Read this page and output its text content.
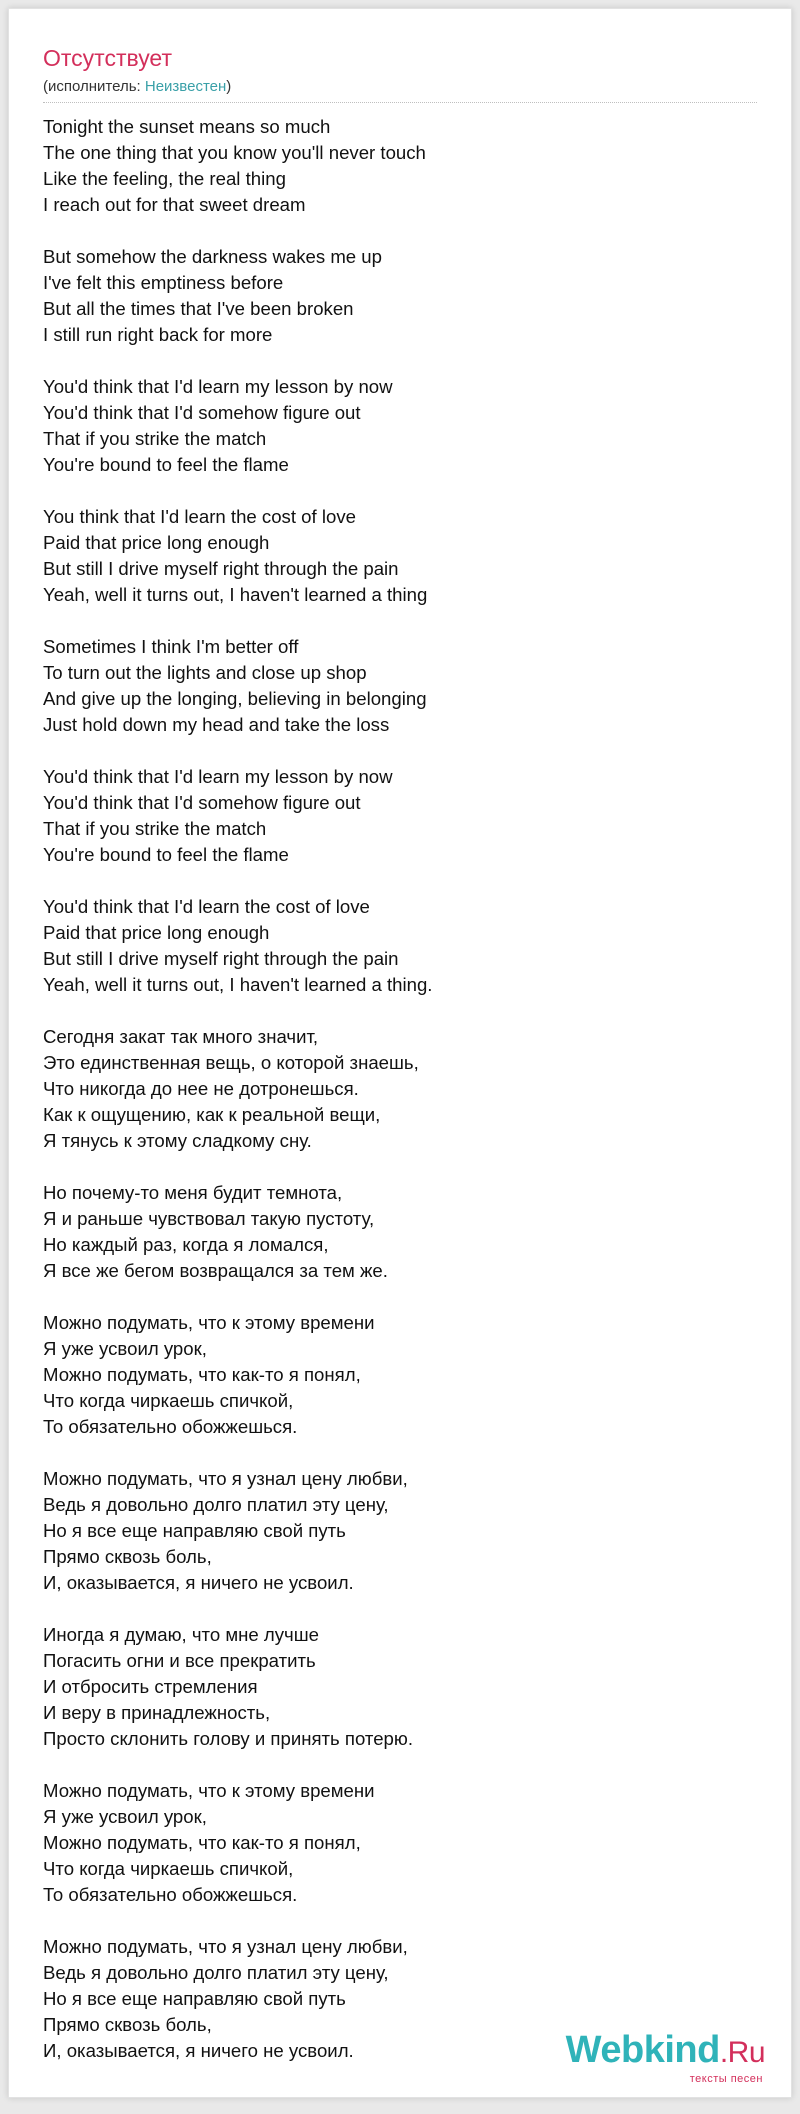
Отсутствует
(исполнитель: Неизвестен)
Tonight the sunset means so much
The one thing that you know you'll never touch
Like the feeling, the real thing
I reach out for that sweet dream
But somehow the darkness wakes me up
I've felt this emptiness before
But all the times that I've been broken
I still run right back for more
You'd think that I'd learn my lesson by now
You'd think that I'd somehow figure out
That if you strike the match
You're bound to feel the flame
You think that I'd learn the cost of love
Paid that price long enough
But still I drive myself right through the pain
Yeah, well it turns out, I haven't learned a thing
Sometimes I think I'm better off
To turn out the lights and close up shop
And give up the longing, believing in belonging
Just hold down my head and take the loss
You'd think that I'd learn my lesson by now
You'd think that I'd somehow figure out
That if you strike the match
You're bound to feel the flame
You'd think that I'd learn the cost of love
Paid that price long enough
But still I drive myself right through the pain
Yeah, well it turns out, I haven't learned a thing.
Сегодня закат так много значит,
Это единственная вещь, о которой знаешь,
Что никогда до нее не дотронешься.
Как к ощущению, как к реальной вещи,
Я тянусь к этому сладкому сну.
Но почему-то меня будит темнота,
Я и раньше чувствовал такую пустоту,
Но каждый раз, когда я ломался,
Я все же бегом возвращался за тем же.
Можно подумать, что к этому времени
Я уже усвоил урок,
Можно подумать, что как-то я понял,
Что когда чиркаешь спичкой,
То обязательно обожжешься.
Можно подумать, что я узнал цену любви,
Ведь я довольно долго платил эту цену,
Но я все еще направляю свой путь
Прямо сквозь боль,
И, оказывается, я ничего не усвоил.
Иногда я думаю, что мне лучше
Погасить огни и все прекратить
И отбросить стремления
И веру в принадлежность,
Просто склонить голову и принять потерю.
Можно подумать, что к этому времени
Я уже усвоил урок,
Можно подумать, что как-то я понял,
Что когда чиркаешь спичкой,
То обязательно обожжешься.
Можно подумать, что я узнал цену любви,
Ведь я довольно долго платил эту цену,
Но я все еще направляю свой путь
Прямо сквозь боль,
И, оказывается, я ничего не усвоил.	Webkind.Ru
тексты песен
